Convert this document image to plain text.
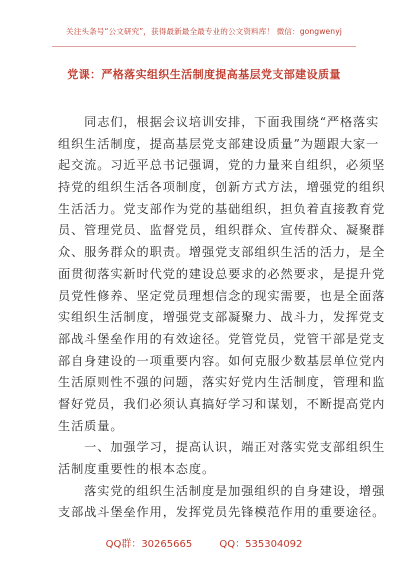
关注头条号“公文研究”，获得最新最全最专业的公文资料库！ 微信：gongwenyj
党课：严格落实组织生活制度提高基层党支部建设质量
　　同志们，根据会议培训安排，下面我围绕“严格落实
组织生活制度，提高基层党支部建设质量”为题跟大家一
起交流。习近平总书记强调，党的力量来自组织，必须坚
持党的组织生活各项制度，创新方式方法，增强党的组织
生活活力。党支部作为党的基础组织，担负着直接教育党
员、管理党员、监督党员，组织群众、宣传群众、凝聚群
众、服务群众的职责。增强党支部组织生活的活力，是全
面贯彻落实新时代党的建设总要求的必然要求，是提升党
员党性修养、坚定党员理想信念的现实需要，也是全面落
实组织生活制度，增强党支部凝聚力、战斗力，发挥党支
部战斗堡垒作用的有效途径。党管党员，党管干部是党支
部自身建设的一项重要内容。如何克服少数基层单位党内
生活原则性不强的问题，落实好党内生活制度，管理和监
督好党员，我们必须认真搞好学习和谋划，不断提高党内
生活质量。
　　一、加强学习，提高认识，端正对落实党支部组织生
活制度重要性的根本态度。
　　落实党的组织生活制度是加强组织的自身建设，增强
支部战斗堡垒作用，发挥党员先锋模范作用的重要途径。
QQ群：30265665	QQ：535304092
